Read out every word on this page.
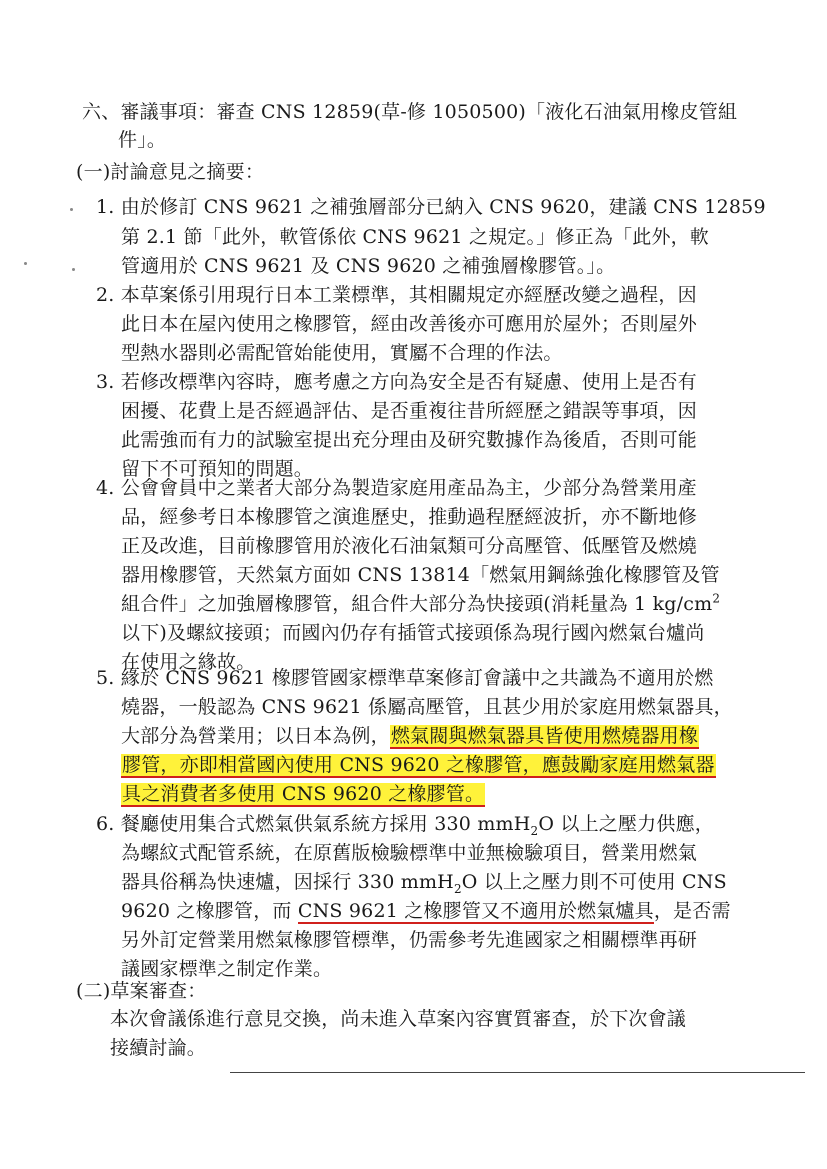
六、審議事項：審查 CNS 12859(草-修 1050500)「液化石油氣用橡皮管組
件」。
(一)討論意見之摘要：
1. 由於修訂 CNS 9621 之補強層部分已納入 CNS 9620，建議 CNS 12859
第 2.1 節「此外，軟管係依 CNS 9621 之規定。」修正為「此外，軟
管適用於 CNS 9621 及 CNS 9620 之補強層橡膠管。」。
2. 本草案係引用現行日本工業標準，其相關規定亦經歷改變之過程，因
此日本在屋內使用之橡膠管，經由改善後亦可應用於屋外；否則屋外
型熱水器則必需配管始能使用，實屬不合理的作法。
3. 若修改標準內容時，應考慮之方向為安全是否有疑慮、使用上是否有
困擾、花費上是否經過評估、是否重複往昔所經歷之錯誤等事項，因
此需強而有力的試驗室提出充分理由及研究數據作為後盾，否則可能
留下不可預知的問題。
4. 公會會員中之業者大部分為製造家庭用產品為主，少部分為營業用產
品，經參考日本橡膠管之演進歷史，推動過程歷經波折，亦不斷地修
正及改進，目前橡膠管用於液化石油氣類可分高壓管、低壓管及燃燒
器用橡膠管，天然氣方面如 CNS 13814「燃氣用鋼絲強化橡膠管及管
組合件」之加強層橡膠管，組合件大部分為快接頭(消耗量為 1 $kg/cm^2$
以下)及螺紋接頭；而國內仍存有插管式接頭係為現行國內燃氣台爐尚
在使用之緣故。
5. 緣於 CNS 9621 橡膠管國家標準草案修訂會議中之共識為不適用於燃
燒器，一般認為 CNS 9621 係屬高壓管，且甚少用於家庭用燃氣器具，
大部分為營業用；以日本為例，燃氣閥與燃氣器具皆使用燃燒器用橡
膠管，亦即相當國內使用 CNS 9620 之橡膠管，應鼓勵家庭用燃氣器
具之消費者多使用 CNS 9620 之橡膠管。
6. 餐廳使用集合式燃氣供氣系統方採用 330 mmH$_2$O 以上之壓力供應，
為螺紋式配管系統，在原舊版檢驗標準中並無檢驗項目，營業用燃氣
器具俗稱為快速爐，因採行 330 mmH$_2$O 以上之壓力則不可使用 CNS
9620 之橡膠管，而 CNS 9621 之橡膠管又不適用於燃氣爐具，是否需
另外訂定營業用燃氣橡膠管標準，仍需參考先進國家之相關標準再研
議國家標準之制定作業。
(二)草案審查：
本次會議係進行意見交換，尚未進入草案內容實質審查，於下次會議
接續討論。
